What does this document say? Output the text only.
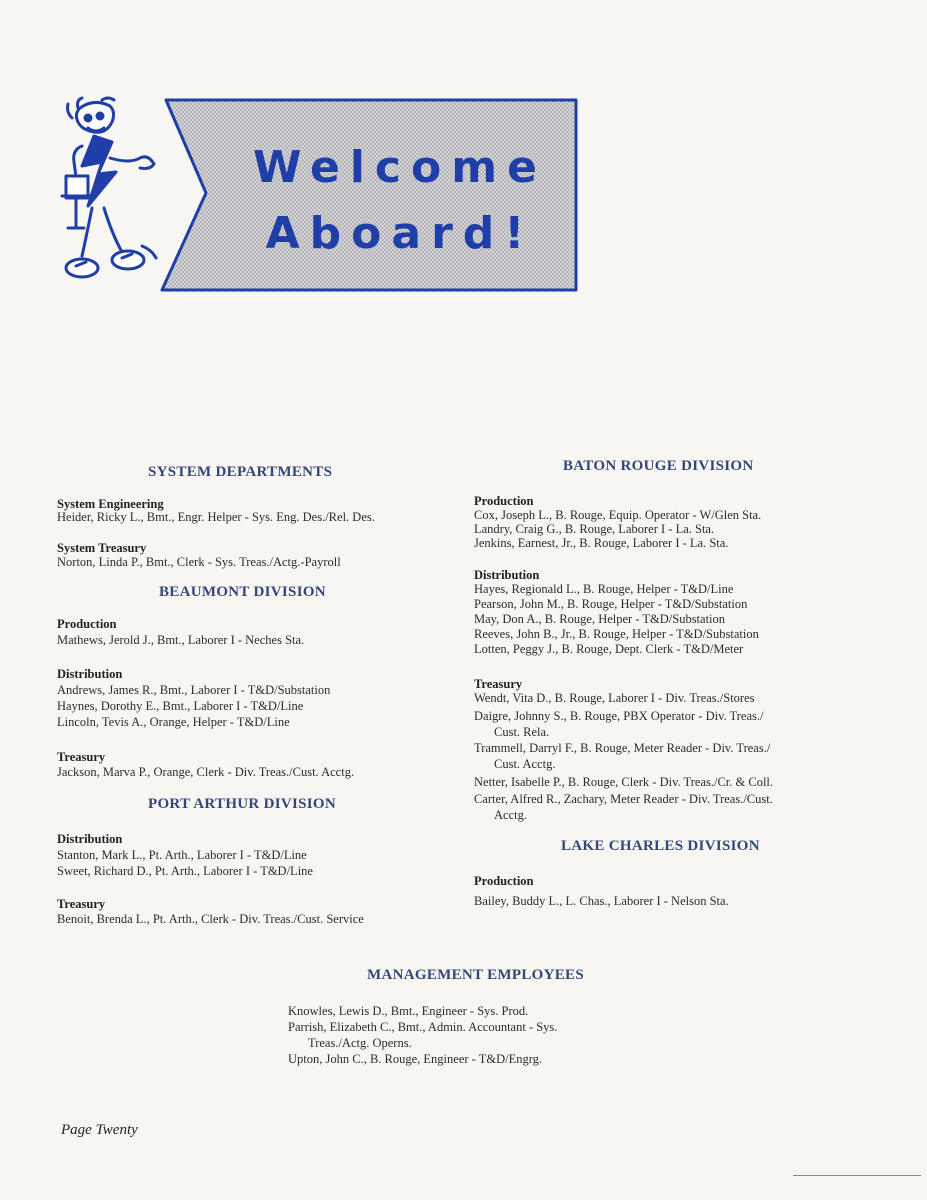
Welcome
Aboard!
SYSTEM DEPARTMENTS
System Engineering
Heider, Ricky L., Bmt., Engr. Helper - Sys. Eng. Des./Rel. Des.
System Treasury
Norton, Linda P., Bmt., Clerk - Sys. Treas./Actg.-Payroll
BEAUMONT DIVISION
Production
Mathews, Jerold J., Bmt., Laborer I - Neches Sta.
Distribution
Andrews, James R., Bmt., Laborer I - T&D/Substation
Haynes, Dorothy E., Bmt., Laborer I - T&D/Line
Lincoln, Tevis A., Orange, Helper - T&D/Line
Treasury
Jackson, Marva P., Orange, Clerk - Div. Treas./Cust. Acctg.
PORT ARTHUR DIVISION
Distribution
Stanton, Mark L., Pt. Arth., Laborer I - T&D/Line
Sweet, Richard D., Pt. Arth., Laborer I - T&D/Line
Treasury
Benoit, Brenda L., Pt. Arth., Clerk - Div. Treas./Cust. Service
BATON ROUGE DIVISION
Production
Cox, Joseph L., B. Rouge, Equip. Operator - W/Glen Sta.
Landry, Craig G., B. Rouge, Laborer I - La. Sta.
Jenkins, Earnest, Jr., B. Rouge, Laborer I - La. Sta.
Distribution
Hayes, Regionald L., B. Rouge, Helper - T&D/Line
Pearson, John M., B. Rouge, Helper - T&D/Substation
May, Don A., B. Rouge, Helper - T&D/Substation
Reeves, John B., Jr., B. Rouge, Helper - T&D/Substation
Lotten, Peggy J., B. Rouge, Dept. Clerk - T&D/Meter
Treasury
Wendt, Vita D., B. Rouge, Laborer I - Div. Treas./Stores
Daigre, Johnny S., B. Rouge, PBX Operator - Div. Treas./
Cust. Rela.
Trammell, Darryl F., B. Rouge, Meter Reader - Div. Treas./
Cust. Acctg.
Netter, Isabelle P., B. Rouge, Clerk - Div. Treas./Cr. & Coll.
Carter, Alfred R., Zachary, Meter Reader - Div. Treas./Cust.
Acctg.
LAKE CHARLES DIVISION
Production
Bailey, Buddy L., L. Chas., Laborer I - Nelson Sta.
MANAGEMENT EMPLOYEES
Knowles, Lewis D., Bmt., Engineer - Sys. Prod.
Parrish, Elizabeth C., Bmt., Admin. Accountant - Sys.
Treas./Actg. Operns.
Upton, John C., B. Rouge, Engineer - T&D/Engrg.
Page Twenty
